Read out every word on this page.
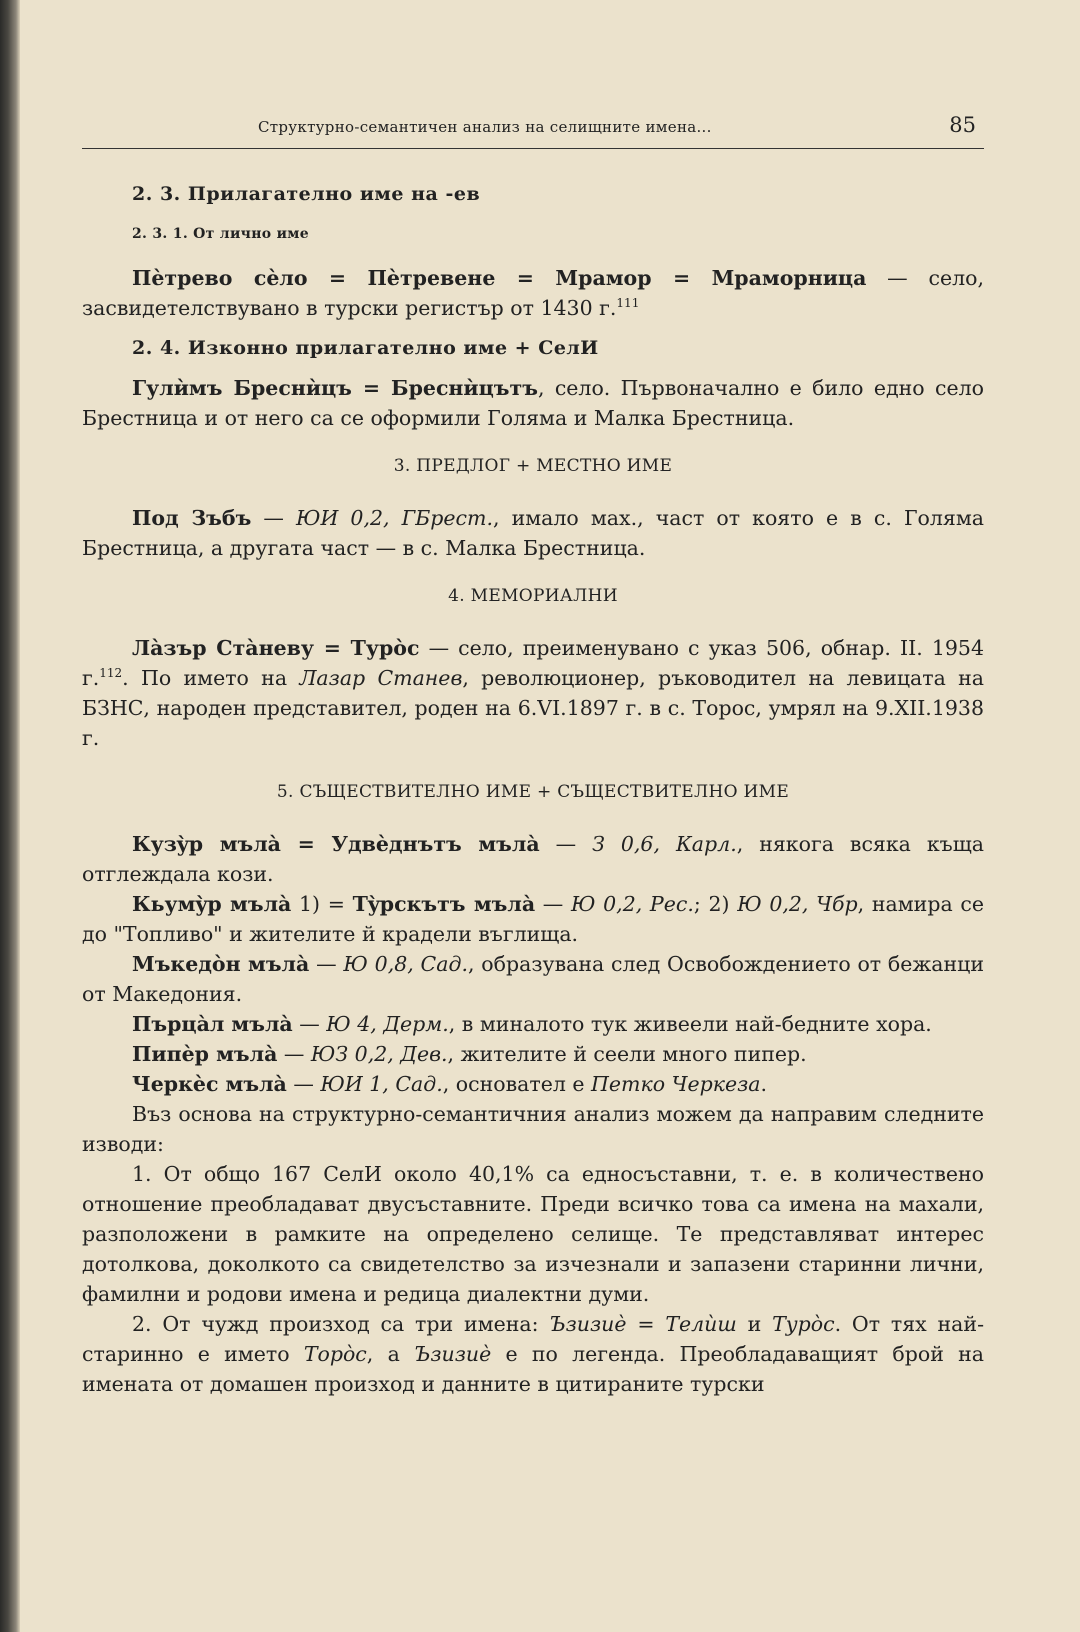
Структурно-семантичен анализ на селищните имена...	85
2. 3. Прилагателно име на -ев
2. 3. 1. От лично име

Пѐтрево сѐло = Пѐтревене = Мрамор = Мраморница — село, засвидетелствувано в турски регистър от 1430 г.$^{111}$

2. 4. Изконно прилагателно име + СелИ

Гулѝмъ Бреснѝцъ = Бреснѝцътъ, село. Първоначално е било едно село Брестница и от него са се оформили Голяма и Малка Брестница.

3. ПРЕДЛОГ + МЕСТНО ИМЕ

Под Зъбъ — ЮИ 0,2, ГБрест., имало мах., част от която е в с. Голяма Брестница, а другата част — в с. Малка Брестница.

4. МЕМОРИАЛНИ

Лàзър Стàневу = Турòс — село, преименувано с указ 506, обнар. II. 1954 г.$^{112}$. По името на Лазар Станев, революционер, ръководител на левицата на БЗНС, народен представител, роден на 6.VI.1897 г. в с. Торос, умрял на 9.XII.1938 г.

5. СЪЩЕСТВИТЕЛНО ИМЕ + СЪЩЕСТВИТЕЛНО ИМЕ

Кузỳр мъла̀ = Удвѐднътъ мъла̀ — З 0,6, Карл., някога всяка къща отглеждала кози.

Кьумỳр мъла̀ 1) = Тỳрскътъ мъла̀ — Ю 0,2, Рес.; 2) Ю 0,2, Чбр, намира се до "Топливо" и жителите й крадели въглища.

Мъкедòн мъла̀ — Ю 0,8, Сад., образувана след Освобождението от бежанци от Македония.

Пърца̀л мъла̀ — Ю 4, Дерм., в миналото тук живеели най-бедните хора.

Пипѐр мъла̀ — ЮЗ 0,2, Дев., жителите й сеели много пипер.

Черкѐс мъла̀ — ЮИ 1, Сад., основател е Петко Черкеза.

Въз основа на структурно-семантичния анализ можем да направим следните изводи:

1. От общо 167 СелИ около 40,1% са едносъставни, т. е. в количествено отношение преобладават двусъставните. Преди всичко това са имена на махали, разположени в рамките на определено селище. Те представляват интерес дотолкова, доколкото са свидетелство за изчезнали и запазени старинни лични, фамилни и родови имена и редица диалектни думи.

2. От чужд произход са три имена: Ъзизиѐ = Телѝш и Турòс. От тях най-старинно е името Торòс, а Ъзизиѐ е по легенда. Преобладаващият брой на имената от домашен произход и данните в цитираните турски
